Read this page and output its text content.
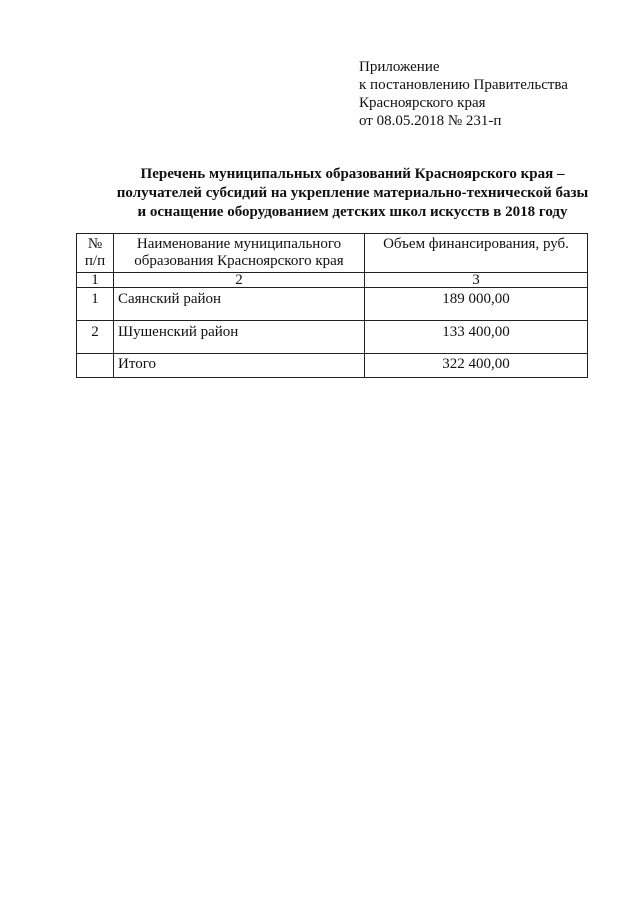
Приложение
к постановлению Правительства
Красноярского края
от 08.05.2018 № 231-п
Перечень муниципальных образований Красноярского края –
получателей субсидий на укрепление материально-технической базы
и оснащение оборудованием детских школ искусств в 2018 году
№ п/п	Наименование муниципального образования Красноярского края	Объем финансирования, руб.
1	2	3
1	Саянский район	189 000,00
2	Шушенский район	133 400,00
	Итого	322 400,00
